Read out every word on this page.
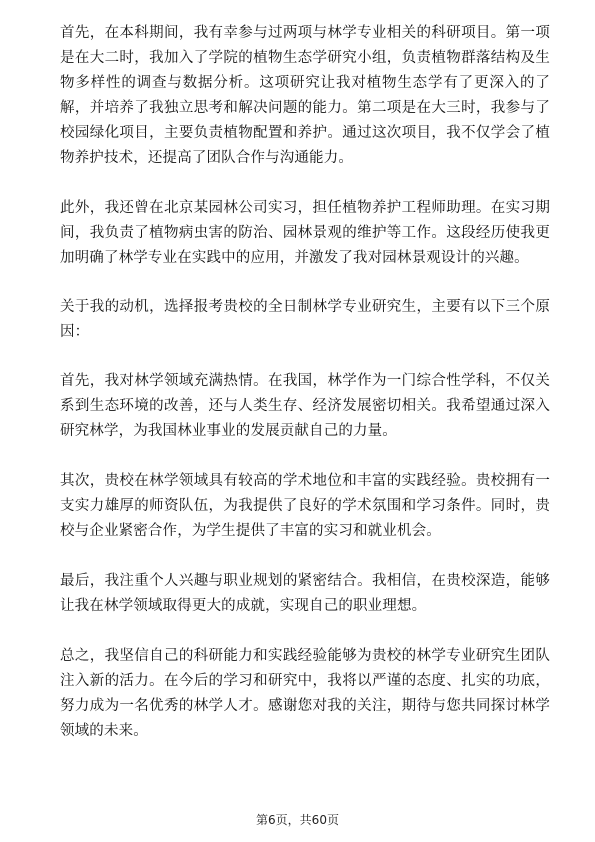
首先，在本科期间，我有幸参与过两项与林学专业相关的科研项目。第一项是在大二时，我加入了学院的植物生态学研究小组，负责植物群落结构及生物多样性的调查与数据分析。这项研究让我对植物生态学有了更深入的了解，并培养了我独立思考和解决问题的能力。第二项是在大三时，我参与了校园绿化项目，主要负责植物配置和养护。通过这次项目，我不仅学会了植物养护技术，还提高了团队合作与沟通能力。

此外，我还曾在北京某园林公司实习，担任植物养护工程师助理。在实习期间，我负责了植物病虫害的防治、园林景观的维护等工作。这段经历使我更加明确了林学专业在实践中的应用，并激发了我对园林景观设计的兴趣。

关于我的动机，选择报考贵校的全日制林学专业研究生，主要有以下三个原因：

首先，我对林学领域充满热情。在我国，林学作为一门综合性学科，不仅关系到生态环境的改善，还与人类生存、经济发展密切相关。我希望通过深入研究林学，为我国林业事业的发展贡献自己的力量。

其次，贵校在林学领域具有较高的学术地位和丰富的实践经验。贵校拥有一支实力雄厚的师资队伍，为我提供了良好的学术氛围和学习条件。同时，贵校与企业紧密合作，为学生提供了丰富的实习和就业机会。

最后，我注重个人兴趣与职业规划的紧密结合。我相信，在贵校深造，能够让我在林学领域取得更大的成就，实现自己的职业理想。

总之，我坚信自己的科研能力和实践经验能够为贵校的林学专业研究生团队注入新的活力。在今后的学习和研究中，我将以严谨的态度、扎实的功底，努力成为一名优秀的林学人才。感谢您对我的关注，期待与您共同探讨林学领域的未来。

第6页，共60页
